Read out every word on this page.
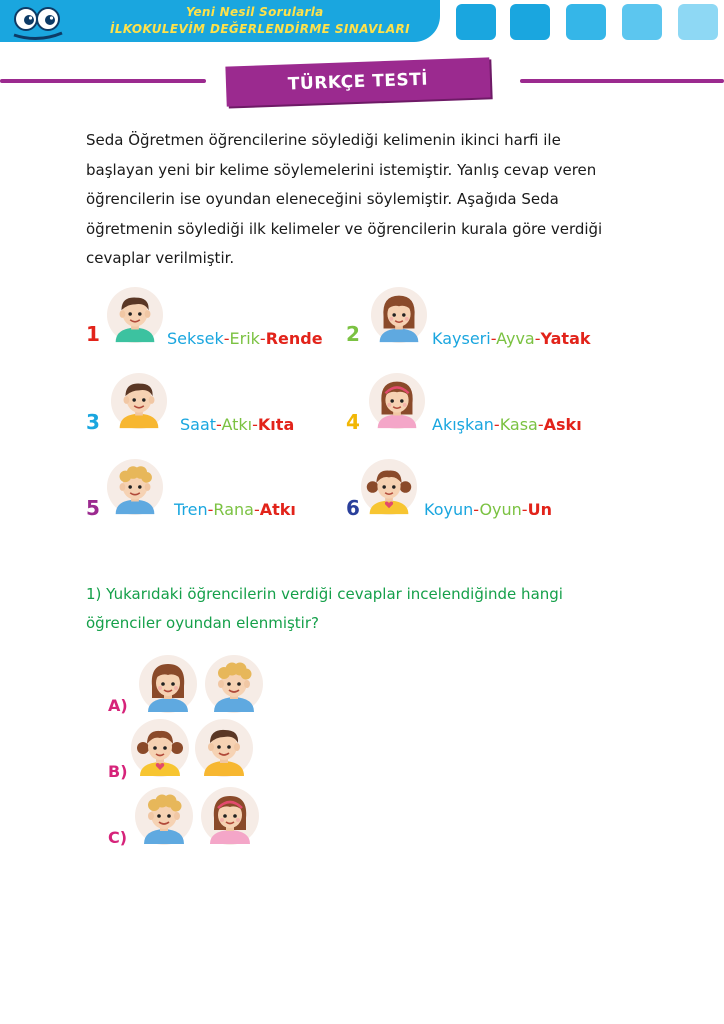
Yeni Nesil Sorularla
İLKOKULEVİM DEĞERLENDİRME SINAVLARI
TÜRKÇE TESTİ
Seda Öğretmen öğrencilerine söylediği kelimenin ikinci harfi ile
başlayan yeni bir kelime söylemelerini istemiştir. Yanlış cevap veren
öğrencilerin ise oyundan eleneceğini söylemiştir. Aşağıda Seda
öğretmenin söylediği ilk kelimeler ve öğrencilerin kurala göre verdiği
cevaplar verilmiştir.
1	Seksek-Erik-Rende 2	Kayseri-Ayva-Yatak
3	Saat-Atkı-Kıta	4	Akışkan-Kasa-Askı
5	Tren-Rana-Atkı	6	Koyun-Oyun-Un
1) Yukarıdaki öğrencilerin verdiği cevaplar incelendiğinde hangi
öğrenciler oyundan elenmiştir?
A)
B)
C)
